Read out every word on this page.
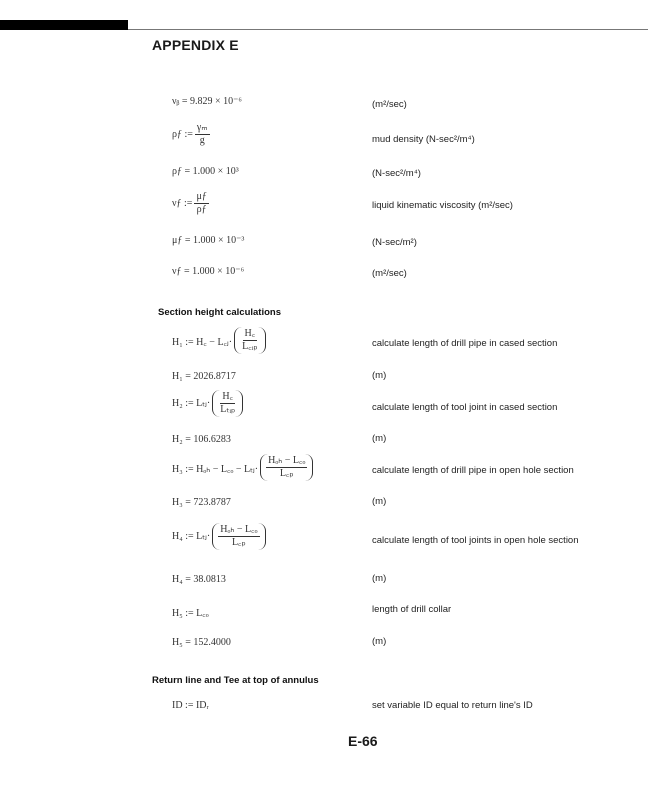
APPENDIX E
νᵦ = 9.829 × 10⁻⁶	(m²/sec)
ρƒ := $\frac{\text{γₘ}}{g}$	mud density (N-sec²/m⁴)
ρƒ = 1.000 × 10³	(N-sec²/m⁴)
νƒ := $\frac{\mu ƒ}{\rho ƒ}$	liquid kinematic viscosity (m²/sec)
μƒ = 1.000 × 10⁻³	(N-sec/m²)
νƒ = 1.000 × 10⁻⁶	(m²/sec)
Section height calculations
H₁ := H꜀ − L꜀ⱼ· $\frac{H꜀}{\text{L꜀ᵢₚ}}$	calculate length of drill pipe in cased section
H₁ = 2026.8717	(m)
H₂ := Lₜⱼ· $\frac{H꜀}{\text{Lₜᵢₚ}}$	calculate length of tool joint in cased section
H₂ = 106.6283	(m)
H₃ := Hₒₕ − L꜀ₒ − Lₜⱼ· $\frac{\text{Hₒₕ − L꜀ₒ}}{\text{L꜀ₚ}}$	calculate length of drill pipe in open hole section
H₃ = 723.8787	(m)
H₄ := Lₜⱼ· $\frac{\text{Hₒₕ − L꜀ₒ}}{\text{L꜀ₚ}}$	calculate length of tool joints in open hole section
H₄ = 38.0813	(m)
H₅ := L꜀ₒ	length of drill collar
H₅ = 152.4000	(m)
Return line and Tee at top of annulus
ID := IDᵣ	set variable ID equal to return line's ID
E-66
